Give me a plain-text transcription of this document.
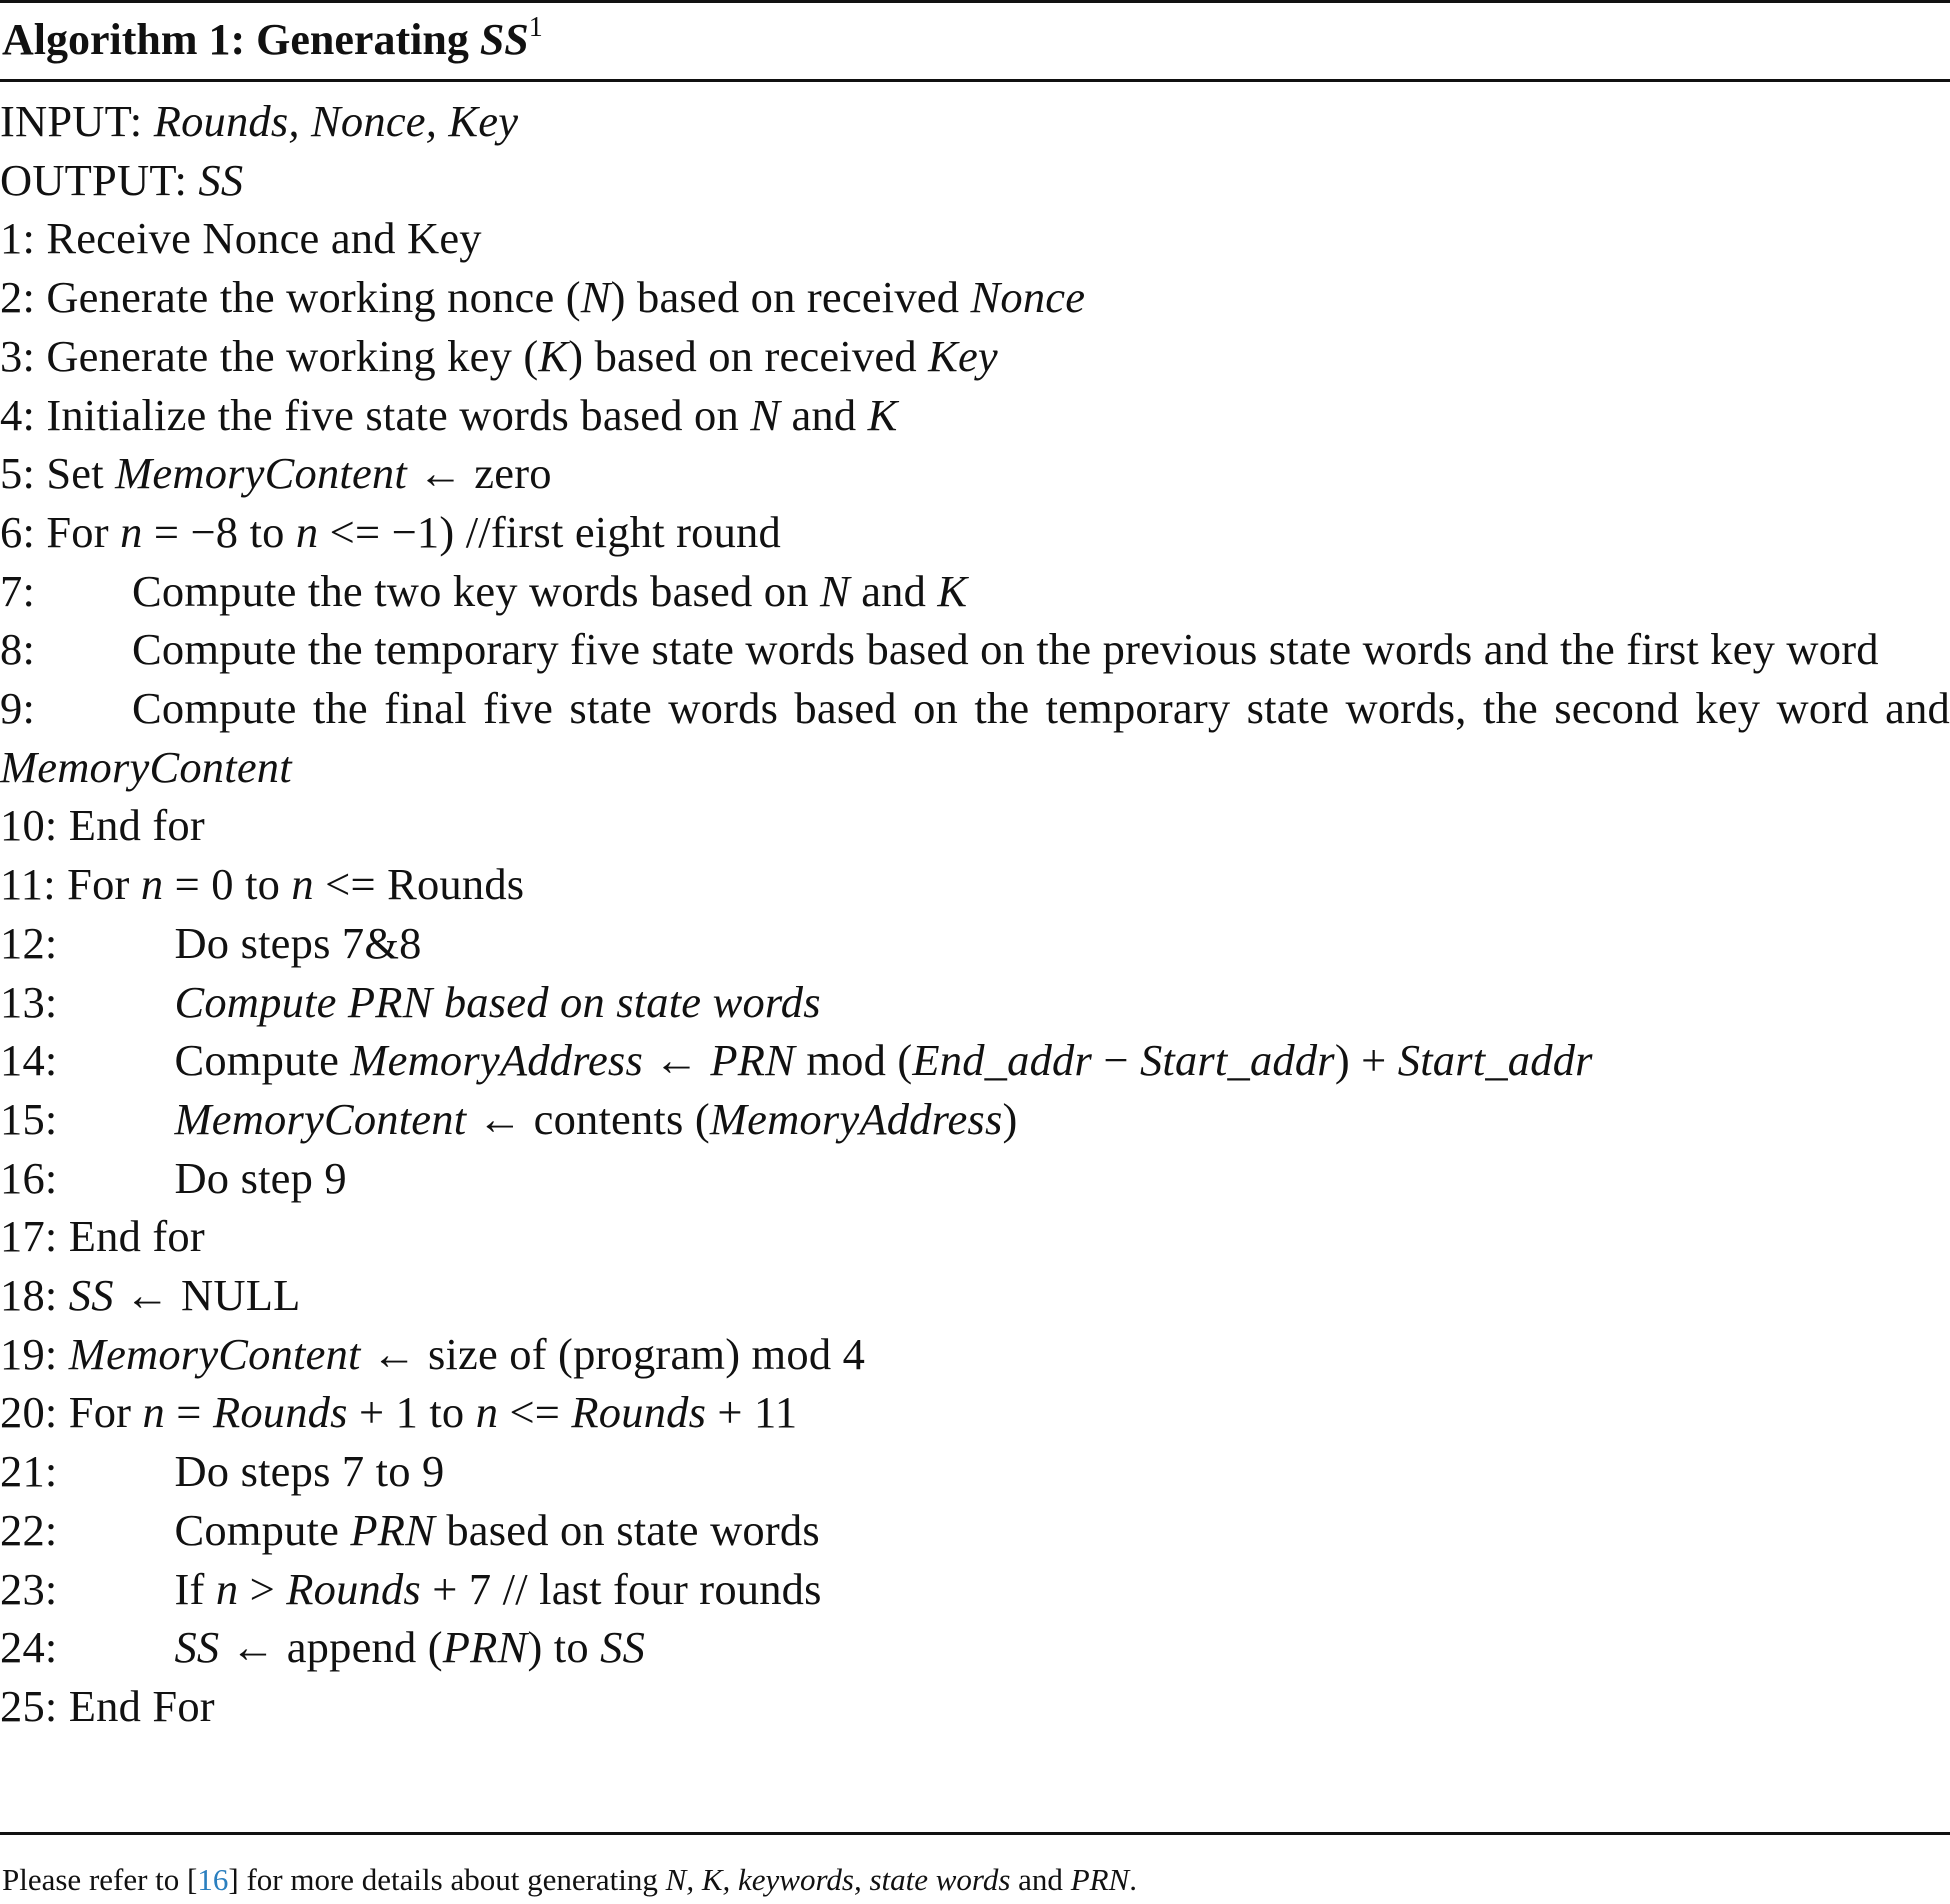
Algorithm 1: Generating $SS^1$
INPUT: Rounds, Nonce, Key
OUTPUT: SS
1: Receive Nonce and Key
2: Generate the working nonce (N) based on received Nonce
3: Generate the working key (K) based on received Key
4: Initialize the five state words based on N and K
5: Set MemoryContent ← zero
6: For n = −8 to n <= −1) //first eight round
7: Compute the two key words based on N and K
8: Compute the temporary five state words based on the previous state words and the first key word
9: Compute the final five state words based on the temporary state words, the second key word and MemoryContent
10: End for
11: For n = 0 to n <= Rounds
12:	Do steps 7&8
13:	Compute PRN based on state words
14:	Compute MemoryAddress ← PRN mod (End_addr − Start_addr) + Start_addr
15:	MemoryContent ← contents (MemoryAddress)
16:	Do step 9
17: End for
18: SS ← NULL
19: MemoryContent ← size of (program) mod 4
20: For n = Rounds + 1 to n <= Rounds + 11
21:	Do steps 7 to 9
22:	Compute PRN based on state words
23:	If n > Rounds + 7 // last four rounds
24:	SS ← append (PRN) to SS
25: End For
Please refer to [16] for more details about generating N, K, keywords, state words and PRN.
